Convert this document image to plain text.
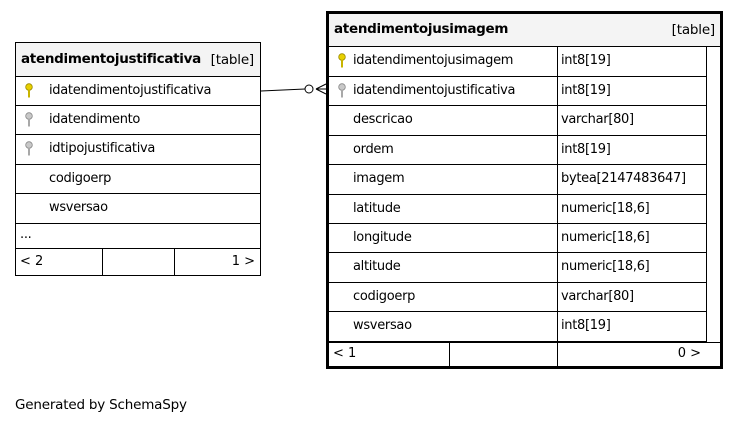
atendimentojustificativa [table]
idatendimentojustificativa
idatendimento
idtipojustificativa
codigoerp
wsversao
...
< 2	1 >
atendimentojusimagem	[table]
idatendimentojusimagem	int8[19]
idatendimentojustificativa	int8[19]
descricao	varchar[80]
ordem	int8[19]
imagem	bytea[2147483647]
latitude	numeric[18,6]
longitude	numeric[18,6]
altitude	numeric[18,6]
codigoerp	varchar[80]
wsversao	int8[19]
< 1	0 >
Generated by SchemaSpy
